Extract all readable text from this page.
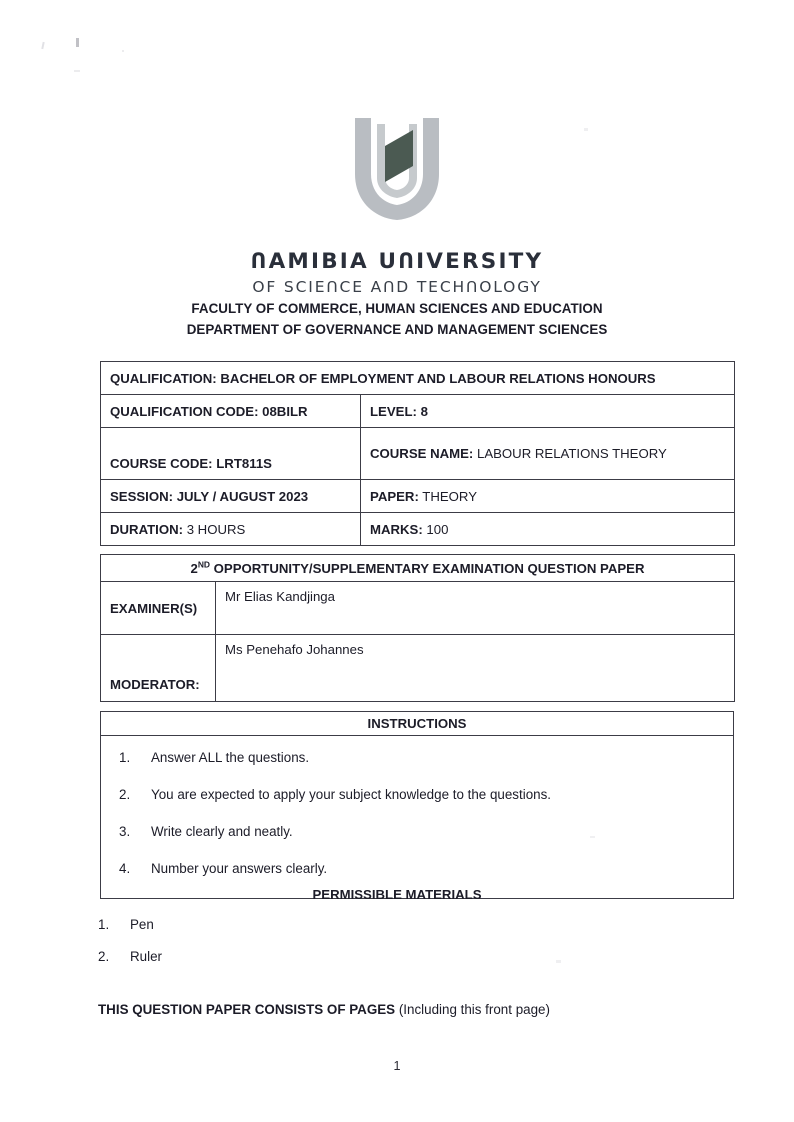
ՈAMIBIA UՈIVERSITY
OF SCIEՈCE AՈD TECHՈOLOGY
FACULTY OF COMMERCE, HUMAN SCIENCES AND EDUCATION
DEPARTMENT OF GOVERNANCE AND MANAGEMENT SCIENCES
QUALIFICATION: BACHELOR OF EMPLOYMENT AND LABOUR RELATIONS HONOURS	
QUALIFICATION CODE: 08BILR	LEVEL: 8
COURSE CODE: LRT811S	COURSE NAME: LABOUR RELATIONS THEORY
SESSION: JULY / AUGUST 2023	PAPER: THEORY
DURATION: 3 HOURS	MARKS: 100
2ND OPPORTUNITY/SUPPLEMENTARY EXAMINATION QUESTION PAPER	
EXAMINER(S)	Mr Elias Kandjinga
MODERATOR:	Ms Penehafo Johannes
INSTRUCTIONS
1.	Answer ALL the questions.
2.	You are expected to apply your subject knowledge to the questions.
3.	Write clearly and neatly.
4.	Number your answers clearly.
PERMISSIBLE MATERIALS
1.	Pen
2.	Ruler
THIS QUESTION PAPER CONSISTS OF PAGES (Including this front page)
1
